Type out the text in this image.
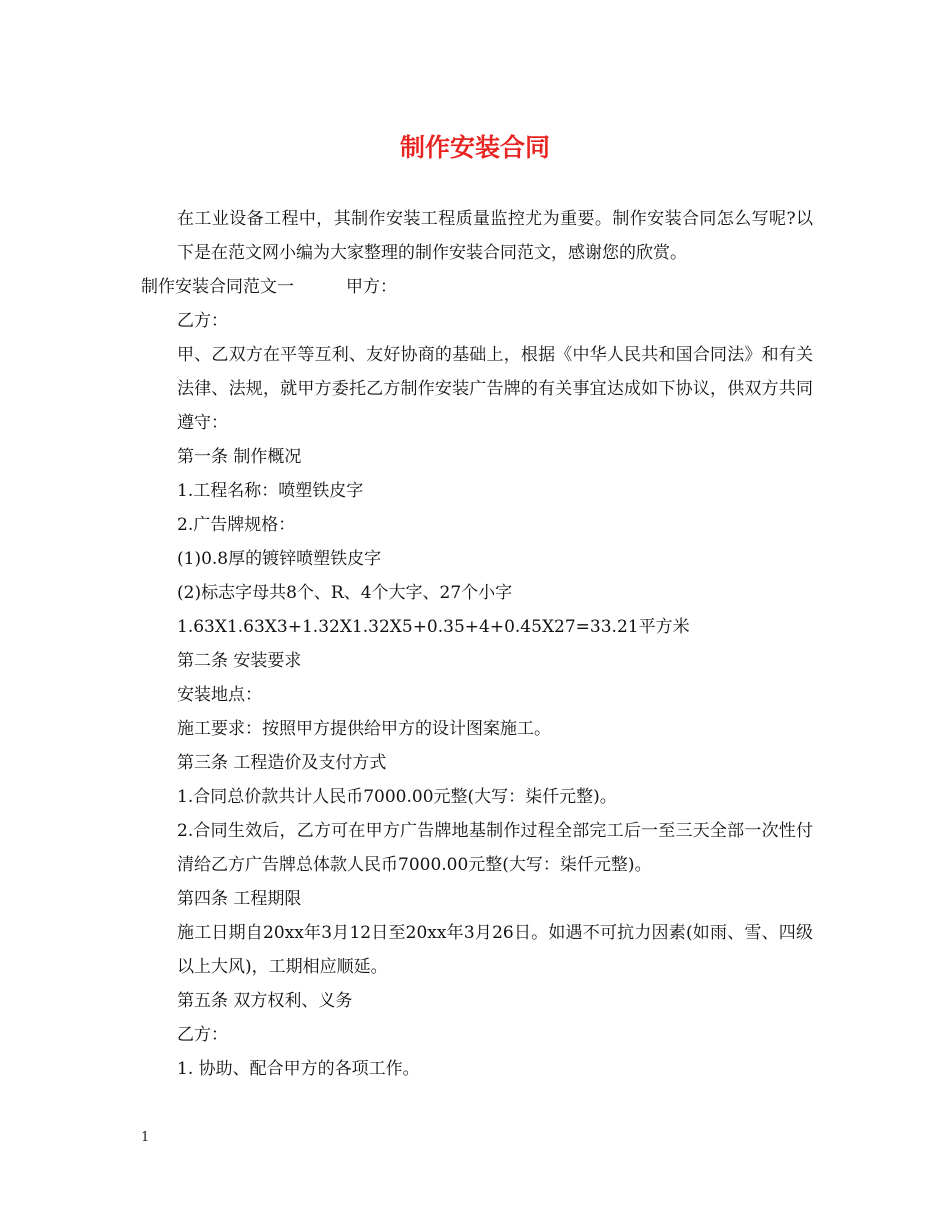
制作安装合同

在工业设备工程中，其制作安装工程质量监控尤为重要。制作安装合同怎么写呢?以下是在范文网小编为大家整理的制作安装合同范文，感谢您的欣赏。

制作安装合同范文一	甲方：

乙方：

甲、乙双方在平等互利、友好协商的基础上，根据《中华人民共和国合同法》和有关法律、法规，就甲方委托乙方制作安装广告牌的有关事宜达成如下协议，供双方共同遵守：

第一条 制作概况

1.工程名称：喷塑铁皮字

2.广告牌规格：

(1)0.8厚的镀锌喷塑铁皮字

(2)标志字母共8个、R、4个大字、27个小字

1.63X1.63X3+1.32X1.32X5+0.35+4+0.45X27=33.21平方米

第二条 安装要求

安装地点：

施工要求：按照甲方提供给甲方的设计图案施工。

第三条 工程造价及支付方式

1.合同总价款共计人民币7000.00元整(大写：柒仟元整)。

2.合同生效后，乙方可在甲方广告牌地基制作过程全部完工后一至三天全部一次性付清给乙方广告牌总体款人民币7000.00元整(大写：柒仟元整)。

第四条 工程期限

施工日期自20xx年3月12日至20xx年3月26日。如遇不可抗力因素(如雨、雪、四级以上大风)，工期相应顺延。

第五条 双方权利、义务

乙方：

1. 协助、配合甲方的各项工作。

1
